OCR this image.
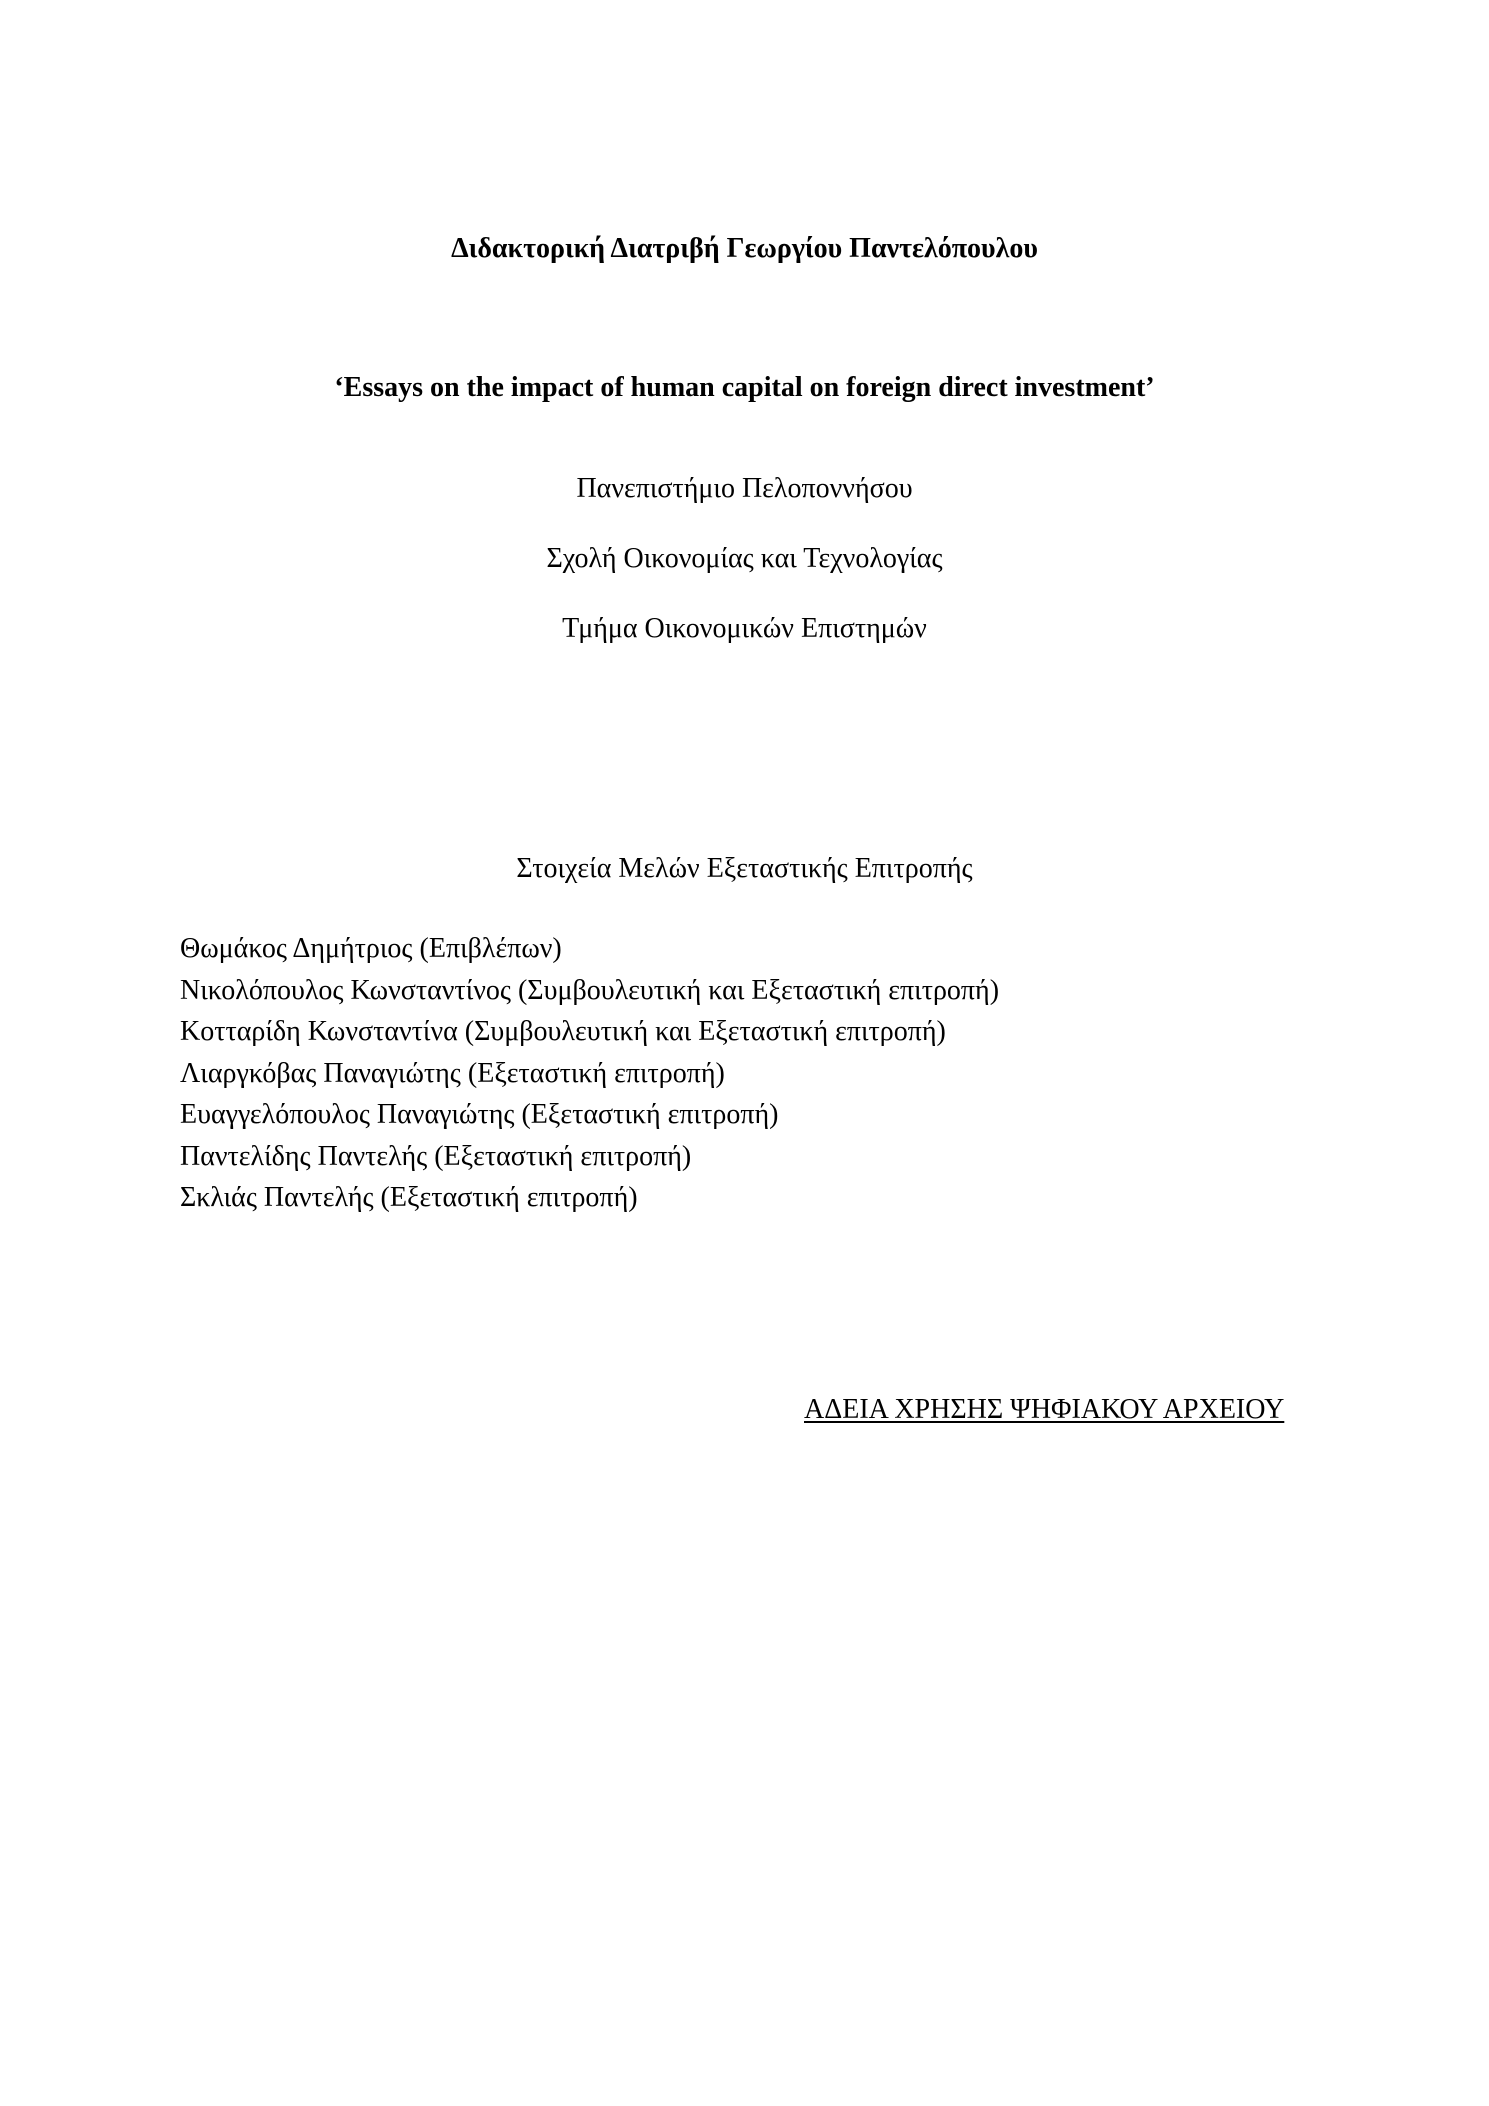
Διδακτορική Διατριβή Γεωργίου Παντελόπουλου
‘Essays on the impact of human capital on foreign direct investment’
Πανεπιστήμιο Πελοποννήσου
Σχολή Οικονομίας και Τεχνολογίας
Τμήμα Οικονομικών Επιστημών
Στοιχεία Μελών Εξεταστικής Επιτροπής
Θωμάκος Δημήτριος (Επιβλέπων)
Νικολόπουλος Κωνσταντίνος (Συμβουλευτική και Εξεταστική επιτροπή)
Κοτταρίδη Κωνσταντίνα (Συμβουλευτική και Εξεταστική επιτροπή)
Λιαργκόβας Παναγιώτης (Εξεταστική επιτροπή)
Ευαγγελόπουλος Παναγιώτης (Εξεταστική επιτροπή)
Παντελίδης Παντελής (Εξεταστική επιτροπή)
Σκλιάς Παντελής (Εξεταστική επιτροπή)
ΑΔΕΙΑ ΧΡΗΣΗΣ ΨΗΦΙΑΚΟΥ ΑΡΧΕΙΟΥ
